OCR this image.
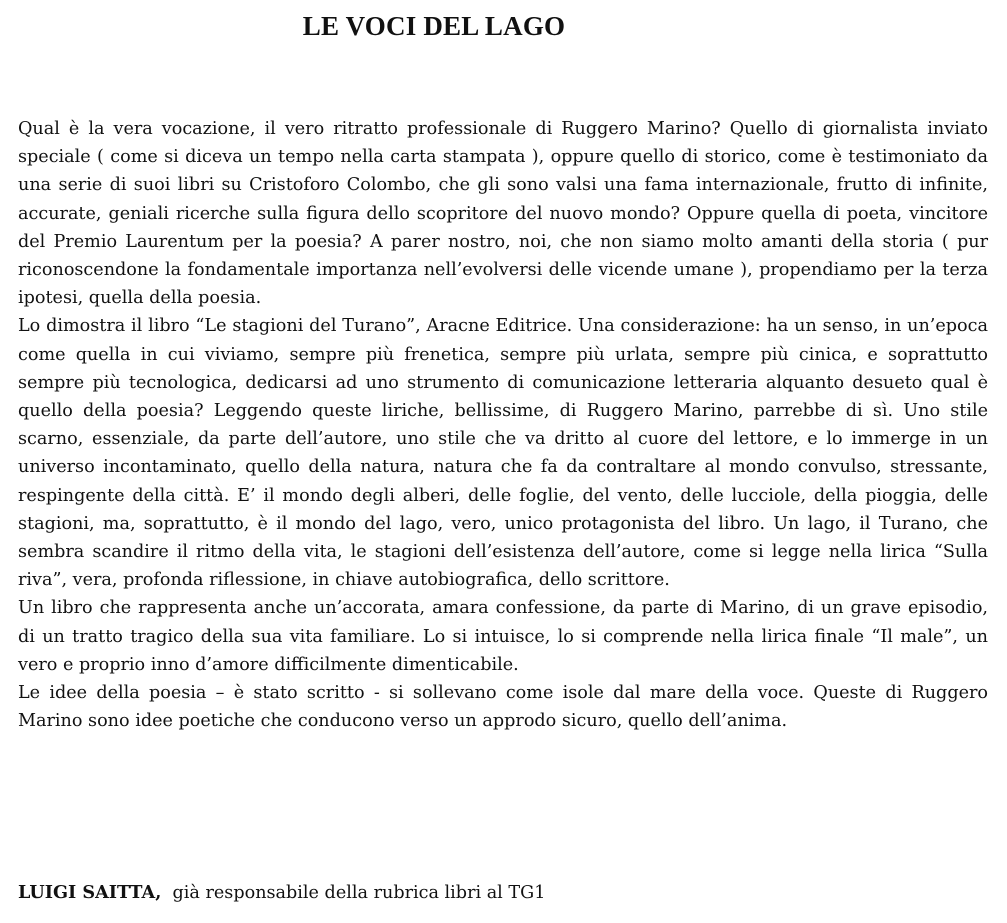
LE VOCI DEL LAGO

Qual è la vera vocazione, il vero ritratto professionale di Ruggero Marino? Quello di giornalista inviato speciale ( come si diceva un tempo nella carta stampata ), oppure quello di storico, come è testimoniato da una serie di suoi libri su Cristoforo Colombo, che gli sono valsi una fama internazionale, frutto di infinite, accurate, geniali ricerche sulla figura dello scopritore del nuovo mondo? Oppure quella di poeta, vincitore del Premio Laurentum per la poesia? A parer nostro, noi, che non siamo molto amanti della storia ( pur riconoscendone la fondamentale importanza nell’evolversi delle vicende umane ), propendiamo per la terza ipotesi, quella della poesia.

Lo dimostra il libro “Le stagioni del Turano”, Aracne Editrice. Una considerazione: ha un senso, in un’epoca come quella in cui viviamo, sempre più frenetica, sempre più urlata, sempre più cinica, e soprattutto sempre più tecnologica, dedicarsi ad uno strumento di comunicazione letteraria alquanto desueto qual è quello della poesia? Leggendo queste liriche, bellissime, di Ruggero Marino, parrebbe di sì. Uno stile scarno, essenziale, da parte dell’autore, uno stile che va dritto al cuore del lettore, e lo immerge in un universo incontaminato, quello della natura, natura che fa da contraltare al mondo convulso, stressante, respingente della città. E’ il mondo degli alberi, delle foglie, del vento, delle lucciole, della pioggia, delle stagioni, ma, soprattutto, è il mondo del lago, vero, unico protagonista del libro. Un lago, il Turano, che sembra scandire il ritmo della vita, le stagioni dell’esistenza dell’autore, come si legge nella lirica “Sulla riva”, vera, profonda riflessione, in chiave autobiografica, dello scrittore.

Un libro che rappresenta anche un’accorata, amara confessione, da parte di Marino, di un grave episodio, di un tratto tragico della sua vita familiare. Lo si intuisce, lo si comprende nella lirica finale “Il male”, un vero e proprio inno d’amore difficilmente dimenticabile.

Le idee della poesia – è stato scritto - si sollevano come isole dal mare della voce. Queste di Ruggero Marino sono idee poetiche che conducono verso un approdo sicuro, quello dell’anima.

LUIGI SAITTA, già responsabile della rubrica libri al TG1
